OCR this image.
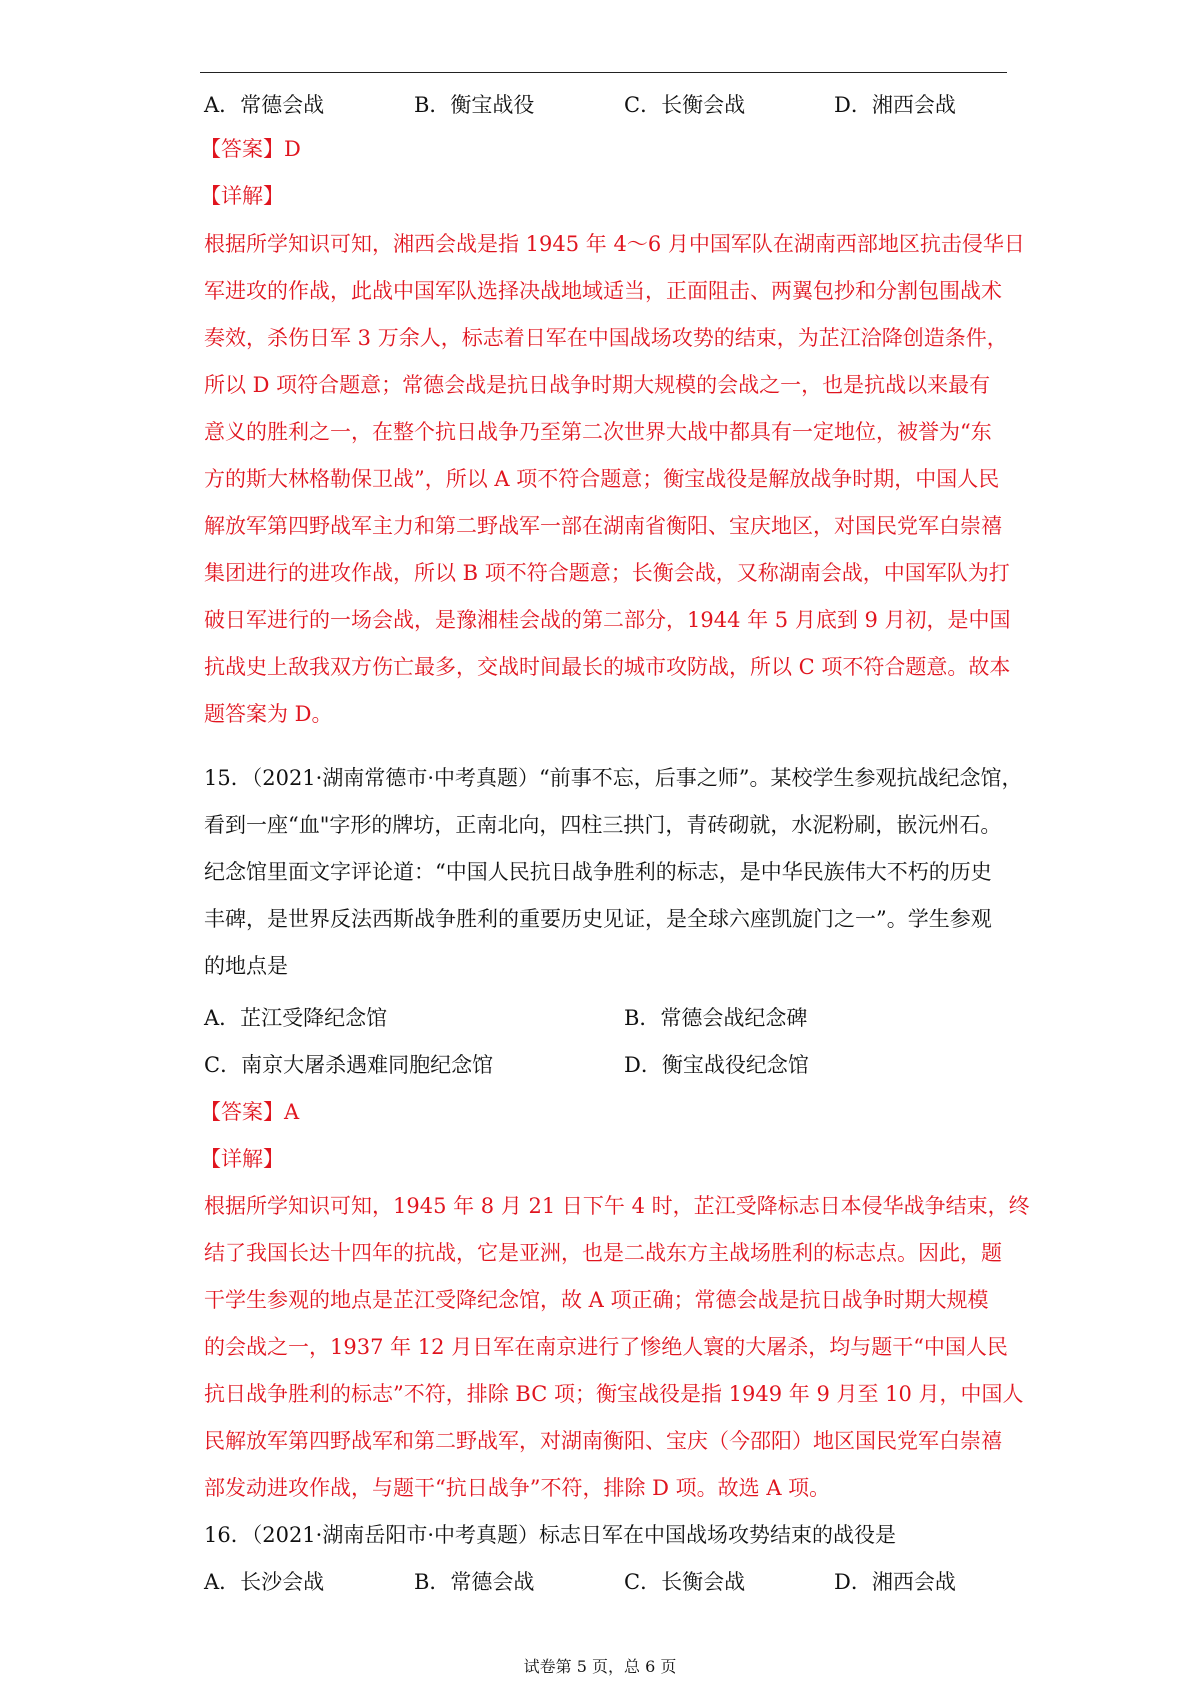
A．常德会战	B．衡宝战役	C．长衡会战	D．湘西会战
【答案】D
【详解】
根据所学知识可知，湘西会战是指 1945 年 4～6 月中国军队在湖南西部地区抗击侵华日
军进攻的作战，此战中国军队选择决战地域适当，正面阻击、两翼包抄和分割包围战术
奏效，杀伤日军 3 万余人，标志着日军在中国战场攻势的结束，为芷江洽降创造条件，
所以 D 项符合题意；常德会战是抗日战争时期大规模的会战之一，也是抗战以来最有
意义的胜利之一，在整个抗日战争乃至第二次世界大战中都具有一定地位，被誉为“东
方的斯大林格勒保卫战”，所以 A 项不符合题意；衡宝战役是解放战争时期，中国人民
解放军第四野战军主力和第二野战军一部在湖南省衡阳、宝庆地区，对国民党军白崇禧
集团进行的进攻作战，所以 B 项不符合题意；长衡会战，又称湖南会战，中国军队为打
破日军进行的一场会战，是豫湘桂会战的第二部分，1944 年 5 月底到 9 月初，是中国
抗战史上敌我双方伤亡最多，交战时间最长的城市攻防战，所以 C 项不符合题意。故本
题答案为 D。
15．（2021·湖南常德市·中考真题）“前事不忘，后事之师”。某校学生参观抗战纪念馆，
看到一座“血"字形的牌坊，正南北向，四柱三拱门，青砖砌就，水泥粉刷，嵌沅州石。
纪念馆里面文字评论道：“中国人民抗日战争胜利的标志，是中华民族伟大不朽的历史
丰碑，是世界反法西斯战争胜利的重要历史见证，是全球六座凯旋门之一”。学生参观
的地点是
A．芷江受降纪念馆	B．常德会战纪念碑
C．南京大屠杀遇难同胞纪念馆	D．衡宝战役纪念馆
【答案】A
【详解】
根据所学知识可知，1945 年 8 月 21 日下午 4 时，芷江受降标志日本侵华战争结束，终
结了我国长达十四年的抗战，它是亚洲，也是二战东方主战场胜利的标志点。因此，题
干学生参观的地点是芷江受降纪念馆，故 A 项正确；常德会战是抗日战争时期大规模
的会战之一，1937 年 12 月日军在南京进行了惨绝人寰的大屠杀，均与题干“中国人民
抗日战争胜利的标志”不符，排除 BC 项；衡宝战役是指 1949 年 9 月至 10 月，中国人
民解放军第四野战军和第二野战军，对湖南衡阳、宝庆（今邵阳）地区国民党军白崇禧
部发动进攻作战，与题干“抗日战争”不符，排除 D 项。故选 A 项。
16．（2021·湖南岳阳市·中考真题）标志日军在中国战场攻势结束的战役是
A．长沙会战	B．常德会战	C．长衡会战	D．湘西会战
试卷第 5 页，总 6 页
